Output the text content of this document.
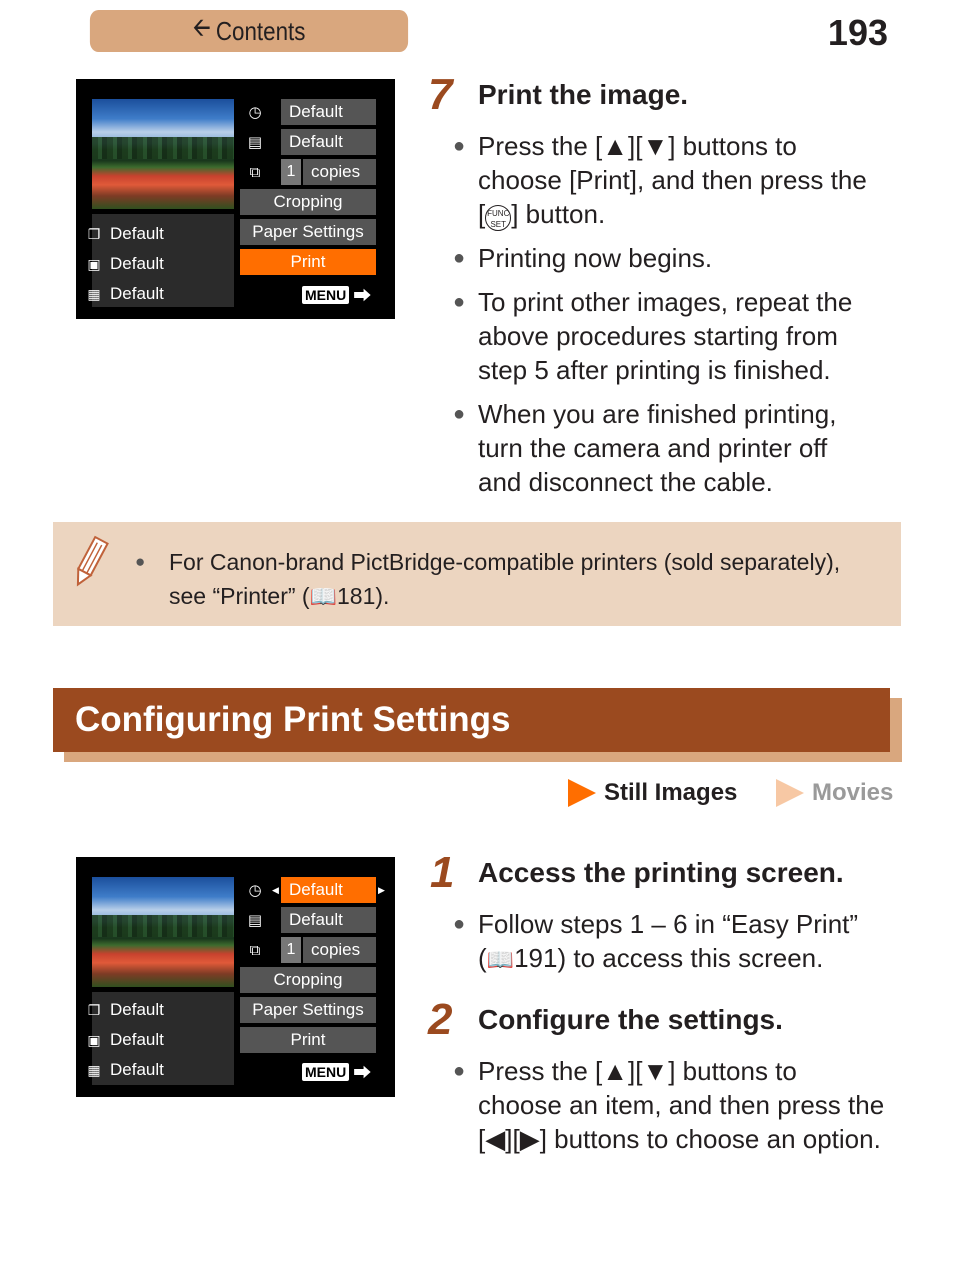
🡨 Contents	193
❐ Default
▣ Default
▦ Default
◷	Default
▤	Default
⧉	1 copies
Cropping
Paper Settings
Print
MENU ⮕
7 Print the image.
● Press the [▲][▼] buttons to
choose [Print], and then press the
[ FUNC
SET ] button.
● Printing now begins.
● To print other images, repeat the
above procedures starting from
step 5 after printing is finished.
● When you are finished printing,
turn the camera and printer off
and disconnect the cable.
● For Canon-brand PictBridge-compatible printers (sold separately),
see “Printer” (📖181).
Configuring Print Settings
Still Images	Movies
❐ Default
▣ Default
▦ Default
◷	◀ Default	▶
▤	Default
⧉	1 copies
Cropping
Paper Settings
Print
MENU ⮕
1 Access the printing screen.
● Follow steps 1 – 6 in “Easy Print”
(📖191) to access this screen.
2 Configure the settings.
● Press the [▲][▼] buttons to
choose an item, and then press the
[◀][▶] buttons to choose an option.
